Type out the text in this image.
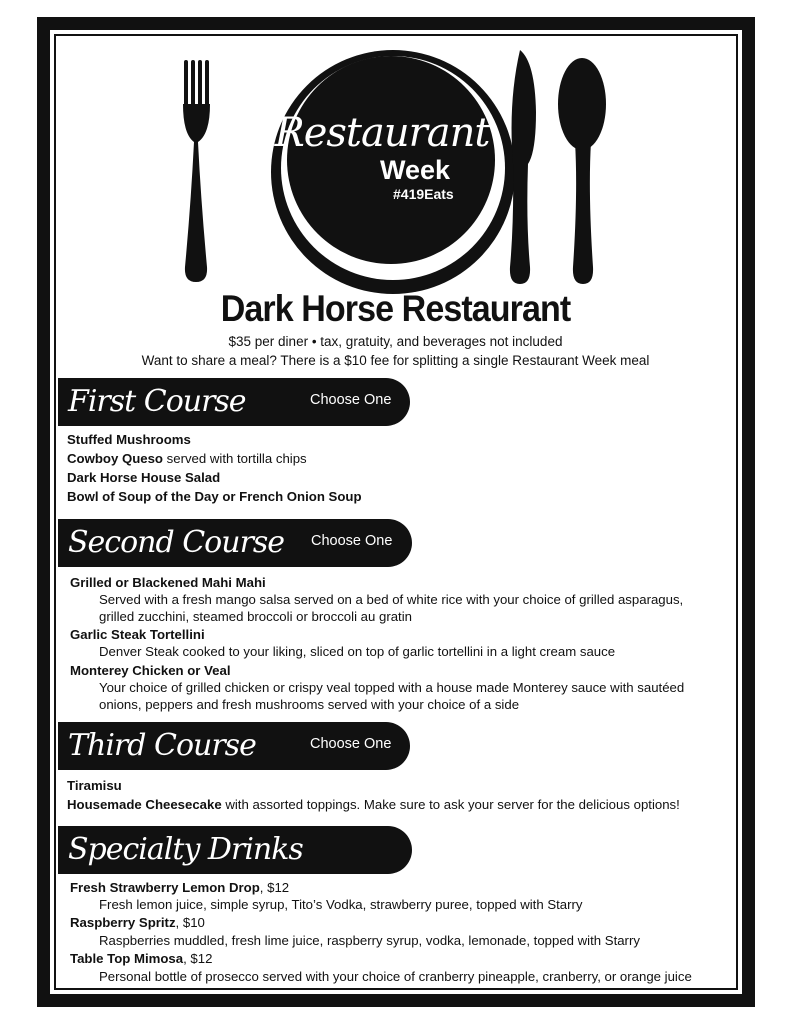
Restaurant
Week
#419Eats
Dark Horse Restaurant
$35 per diner • tax, gratuity, and beverages not included
Want to share a meal? There is a $10 fee for splitting a single Restaurant Week meal
First Course	Choose One
Stuffed Mushrooms
Cowboy Queso served with tortilla chips
Dark Horse House Salad
Bowl of Soup of the Day or French Onion Soup
Second Course Choose One
Grilled or Blackened Mahi Mahi
Served with a fresh mango salsa served on a bed of white rice with your choice of grilled asparagus,
grilled zucchini, steamed broccoli or broccoli au gratin
Garlic Steak Tortellini
Denver Steak cooked to your liking, sliced on top of garlic tortellini in a light cream sauce
Monterey Chicken or Veal
Your choice of grilled chicken or crispy veal topped with a house made Monterey sauce with sautéed
onions, peppers and fresh mushrooms served with your choice of a side
Third Course	Choose One
Tiramisu
Housemade Cheesecake with assorted toppings. Make sure to ask your server for the delicious options!
Specialty Drinks
Fresh Strawberry Lemon Drop, $12
Fresh lemon juice, simple syrup, Tito’s Vodka, strawberry puree, topped with Starry
Raspberry Spritz, $10
Raspberries muddled, fresh lime juice, raspberry syrup, vodka, lemonade, topped with Starry
Table Top Mimosa, $12
Personal bottle of prosecco served with your choice of cranberry pineapple, cranberry, or orange juice
